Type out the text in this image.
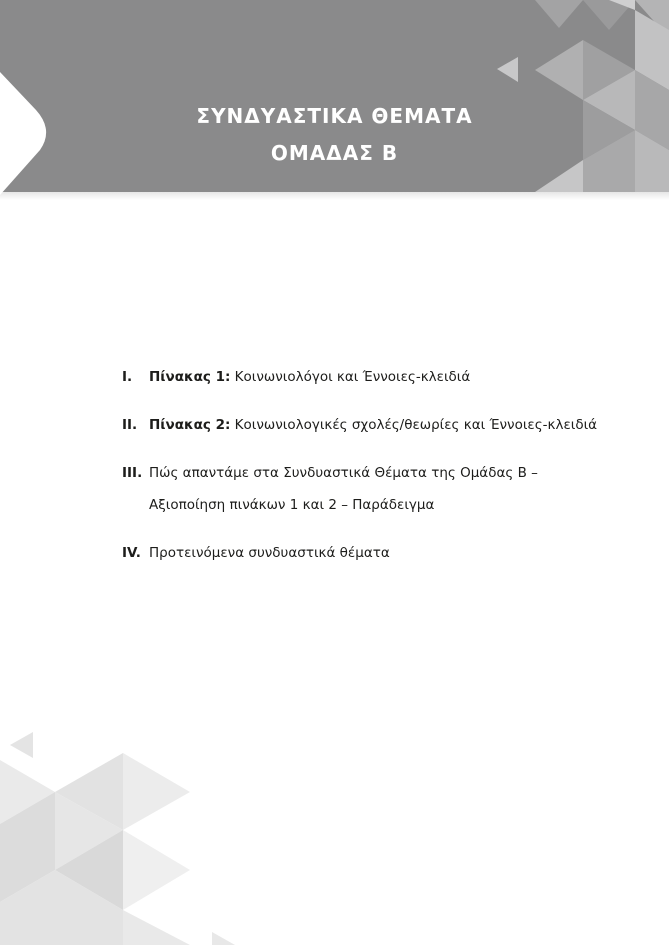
ΣΥΝΔΥΑΣΤΙΚΑ ΘΕΜΑΤΑ
ΟΜΑΔΑΣ Β
I. Πίνακας 1: Κοινωνιολόγοι και Έννοιες-κλειδιά
II. Πίνακας 2: Κοινωνιολογικές σχολές/θεωρίες και Έννοιες-κλειδιά
III. Πώς απαντάμε στα Συνδυαστικά Θέματα της Ομάδας Β –
Αξιοποίηση πινάκων 1 και 2 – Παράδειγμα
IV. Προτεινόμενα συνδυαστικά θέματα
